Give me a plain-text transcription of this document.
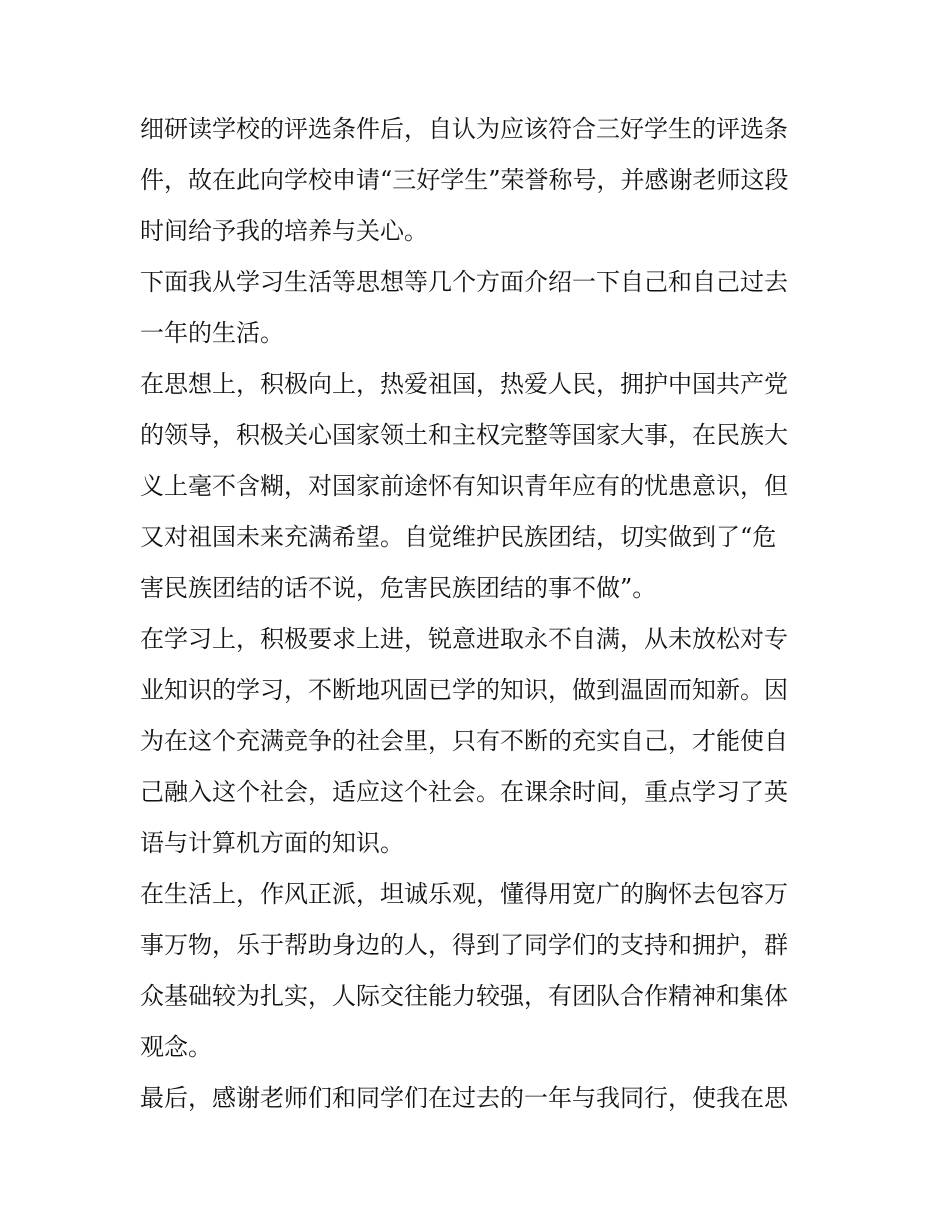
细研读学校的评选条件后，自认为应该符合三好学生的评选条
件，故在此向学校申请“三好学生”荣誉称号，并感谢老师这段
时间给予我的培养与关心。
下面我从学习生活等思想等几个方面介绍一下自己和自己过去
一年的生活。
在思想上，积极向上，热爱祖国，热爱人民，拥护中国共产党
的领导，积极关心国家领土和主权完整等国家大事，在民族大
义上毫不含糊，对国家前途怀有知识青年应有的忧患意识，但
又对祖国未来充满希望。自觉维护民族团结，切实做到了“危
害民族团结的话不说，危害民族团结的事不做”。
在学习上，积极要求上进，锐意进取永不自满，从未放松对专
业知识的学习，不断地巩固已学的知识，做到温固而知新。因
为在这个充满竞争的社会里，只有不断的充实自己，才能使自
己融入这个社会，适应这个社会。在课余时间，重点学习了英
语与计算机方面的知识。
在生活上，作风正派，坦诚乐观，懂得用宽广的胸怀去包容万
事万物，乐于帮助身边的人，得到了同学们的支持和拥护，群
众基础较为扎实，人际交往能力较强，有团队合作精神和集体
观念。
最后，感谢老师们和同学们在过去的一年与我同行，使我在思
